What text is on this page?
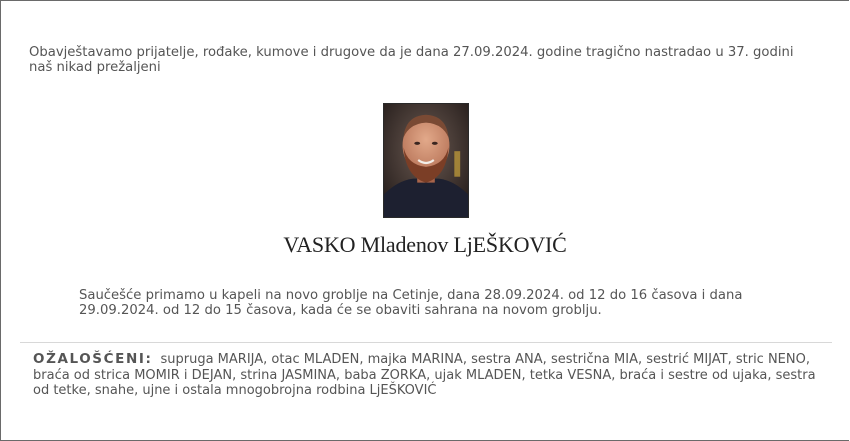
Obavještavamo prijatelje, rođake, kumove i drugove da je dana 27.09.2024. godine tragično nastradao u 37. godini naš nikad prežaljeni

VASKO Mladenov LjEŠKOVIĆ

Saučešće primamo u kapeli na novo groblje na Cetinje, dana 28.09.2024. od 12 do 16 časova i dana 29.09.2024. od 12 do 15 časova, kada će se obaviti sahrana na novom groblju.

OŽALOŠĆENI: supruga MARIJA, otac MLADEN, majka MARINA, sestra ANA, sestrična MIA, sestrić MIJAT, stric NENO, braća od strica MOMIR i DEJAN, strina JASMINA, baba ZORKA, ujak MLADEN, tetka VESNA, braća i sestre od ujaka, sestra od tetke, snahe, ujne i ostala mnogobrojna rodbina LjEŠKOVIĆ
